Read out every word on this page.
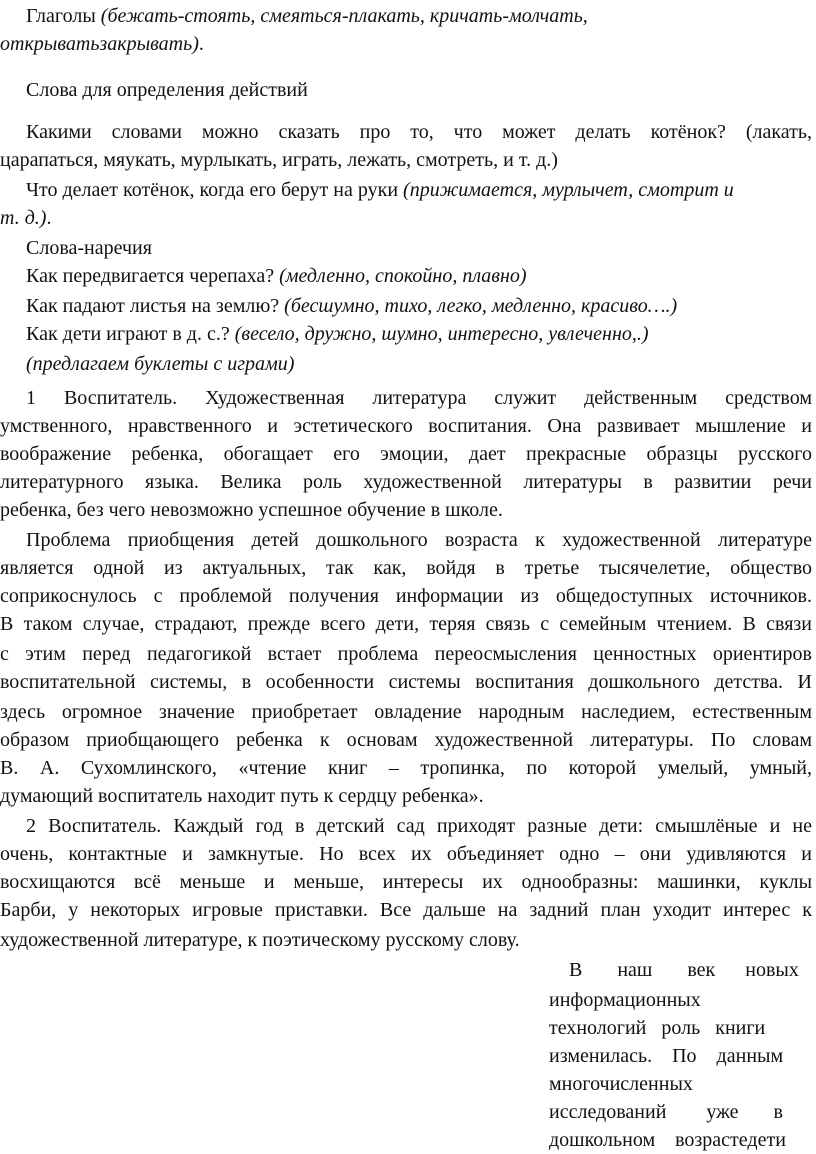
Глаголы (бежать-стоять, смеяться-плакать, кричать-молчать,
открыватьзакрывать).
Слова для определения действий
Какими словами можно сказать про то, что может делать котёнок? (лакать,
царапаться, мяукать, мурлыкать, играть, лежать, смотреть, и т. д.)
Что делает котёнок, когда его берут на руки (прижимается, мурлычет, смотрит и
т. д.).
Слова-наречия
Как передвигается черепаха? (медленно, спокойно, плавно)
Как падают листья на землю? (бесшумно, тихо, легко, медленно, красиво….)
Как дети играют в д. с.? (весело, дружно, шумно, интересно, увлеченно,.)
(предлагаем буклеты с играми)
1 Воспитатель. Художественная литература служит действенным средством
умственного, нравственного и эстетического воспитания. Она развивает мышление и
воображение ребенка, обогащает его эмоции, дает прекрасные образцы русского
литературного языка. Велика роль художественной литературы в развитии речи
ребенка, без чего невозможно успешное обучение в школе.
Проблема приобщения детей дошкольного возраста к художественной литературе
является одной из актуальных, так как, войдя в третье тысячелетие, общество
соприкоснулось с проблемой получения информации из общедоступных источников.
В таком случае, страдают, прежде всего дети, теряя связь с семейным чтением. В связи
с этим перед педагогикой встает проблема переосмысления ценностных ориентиров
воспитательной системы, в особенности системы воспитания дошкольного детства. И
здесь огромное значение приобретает овладение народным наследием, естественным
образом приобщающего ребенка к основам художественной литературы. По словам
В. А. Сухомлинского, «чтение книг – тропинка, по которой умелый, умный,
думающий воспитатель находит путь к сердцу ребенка».
2 Воспитатель. Каждый год в детский сад приходят разные дети: смышлёные и не
очень, контактные и замкнутые. Но всех их объединяет одно – они удивляются и
восхищаются всё меньше и меньше, интересы их однообразны: машинки, куклы
Барби, у некоторых игровые приставки. Все дальше на задний план уходит интерес к
художественной литературе, к поэтическому русскому слову.
В       наш       век      новых
информационных
технологий   роль   книги
изменилась.    По    данным
многочисленных
исследований        уже       в
дошкольном    возрастедети
